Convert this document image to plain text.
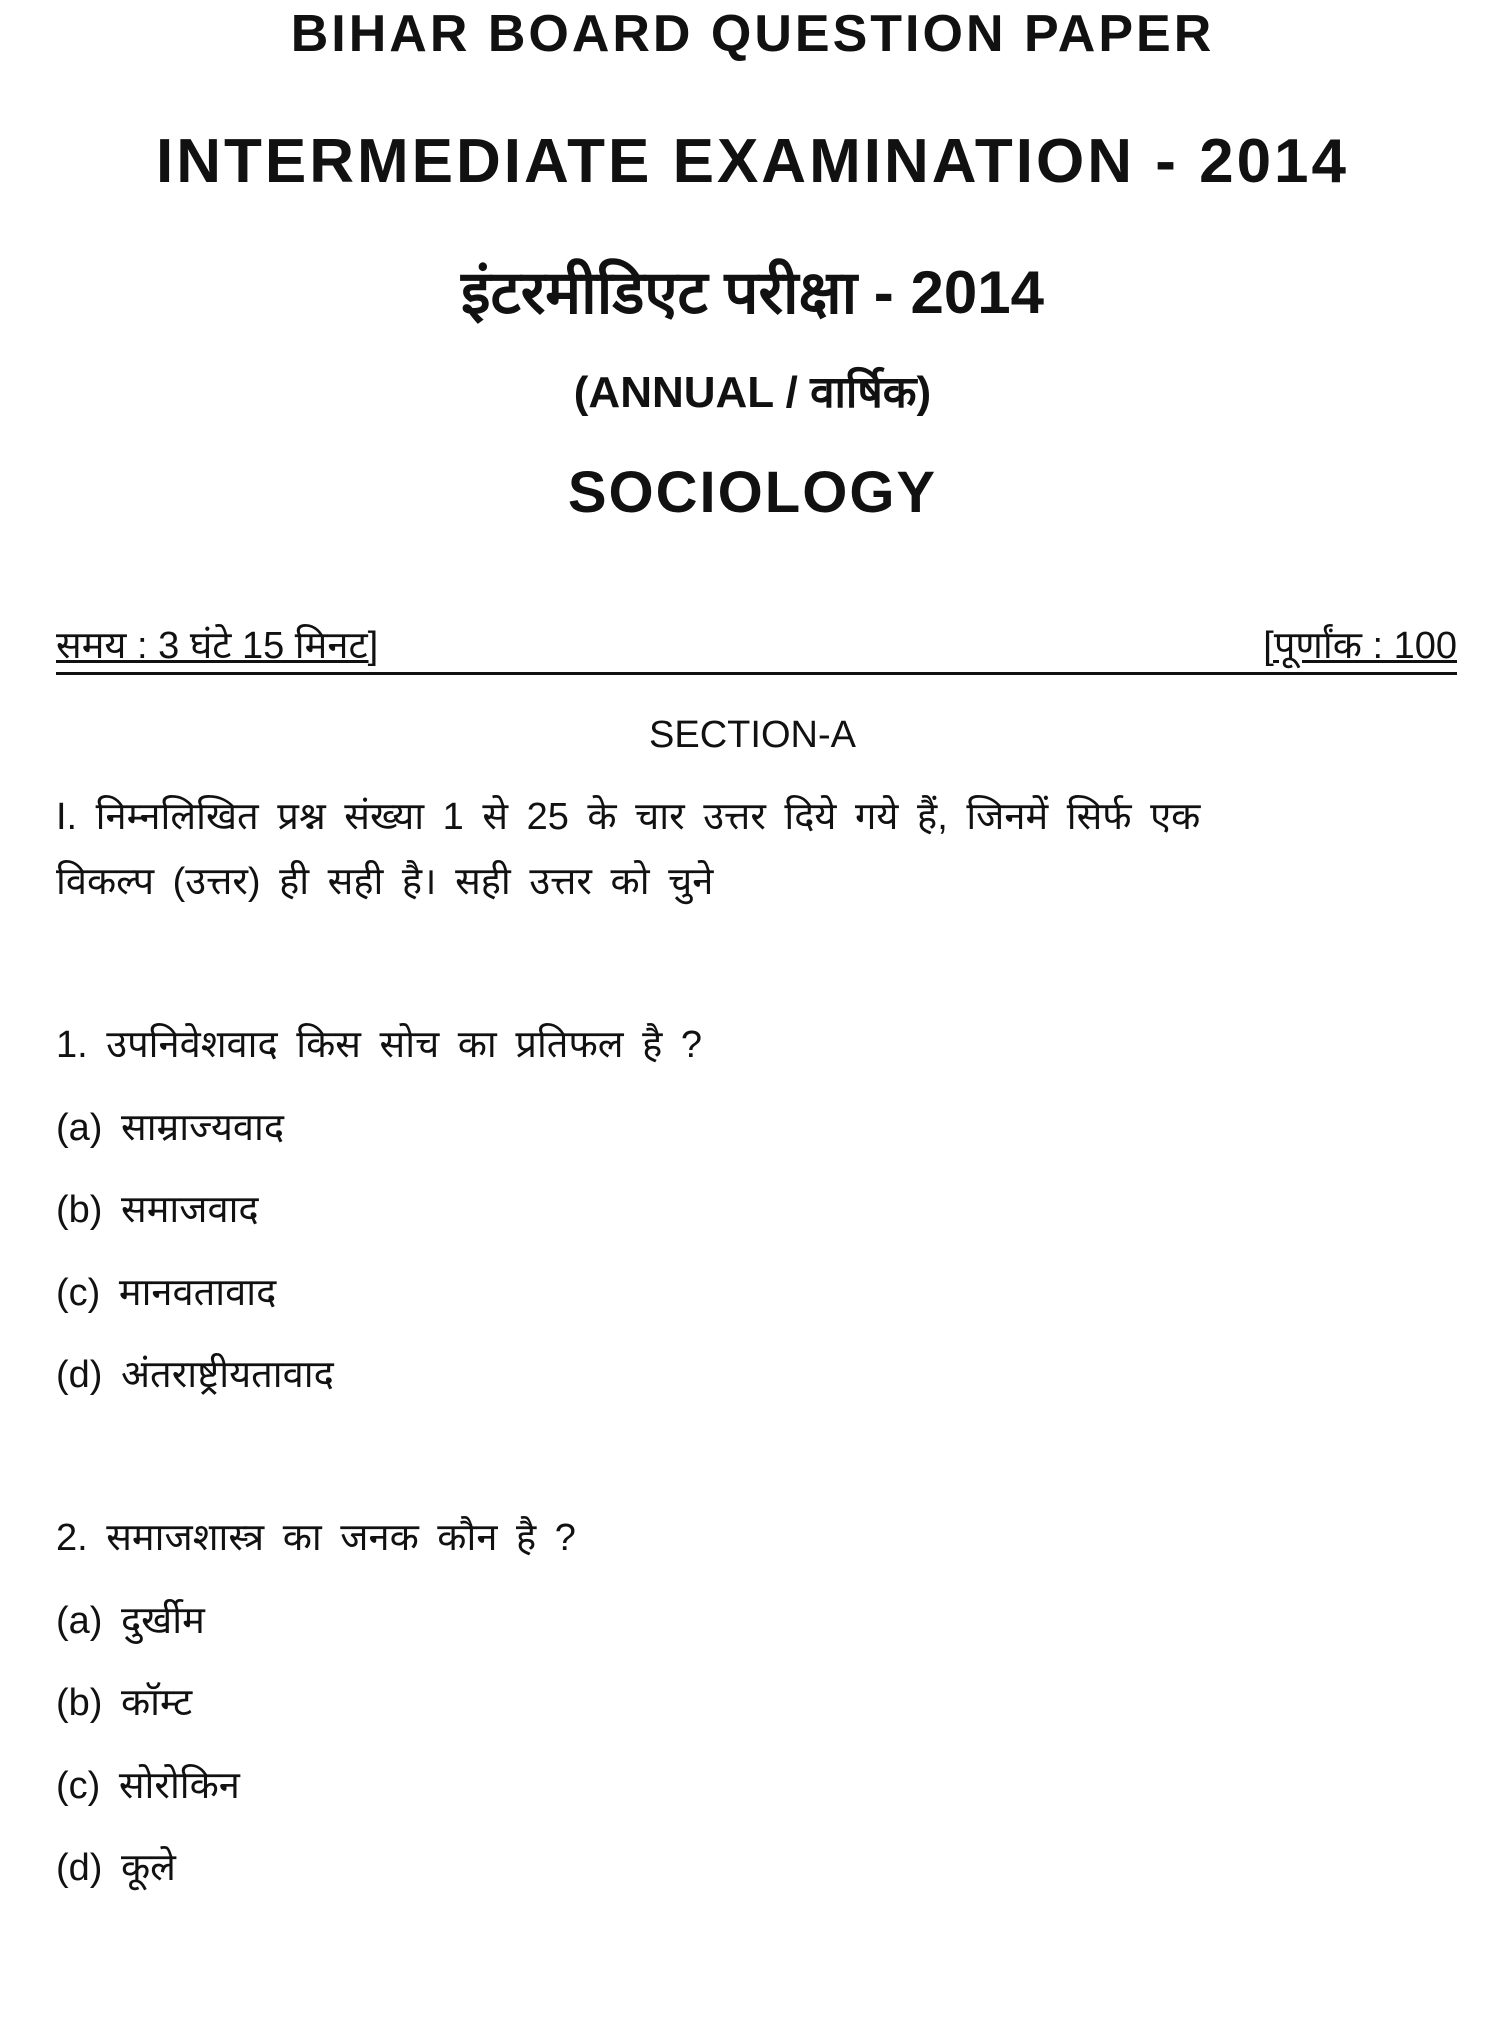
BIHAR BOARD QUESTION PAPER
INTERMEDIATE EXAMINATION - 2014
इंटरमीडिएट परीक्षा - 2014
(ANNUAL / वार्षिक)
SOCIOLOGY
समय : 3 घंटे 15 मिनट]	[पूर्णांक : 100
SECTION-A
I. निम्नलिखित प्रश्न संख्या 1 से 25 के चार उत्तर दिये गये हैं, जिनमें सिर्फ एक
विकल्प (उत्तर) ही सही है। सही उत्तर को चुने
1. उपनिवेशवाद किस सोच का प्रतिफल है ?
(a) साम्राज्यवाद
(b) समाजवाद
(c) मानवतावाद
(d) अंतराष्ट्रीयतावाद
2. समाजशास्त्र का जनक कौन है ?
(a) दुर्खीम
(b) कॉम्ट
(c) सोरोकिन
(d) कूले
